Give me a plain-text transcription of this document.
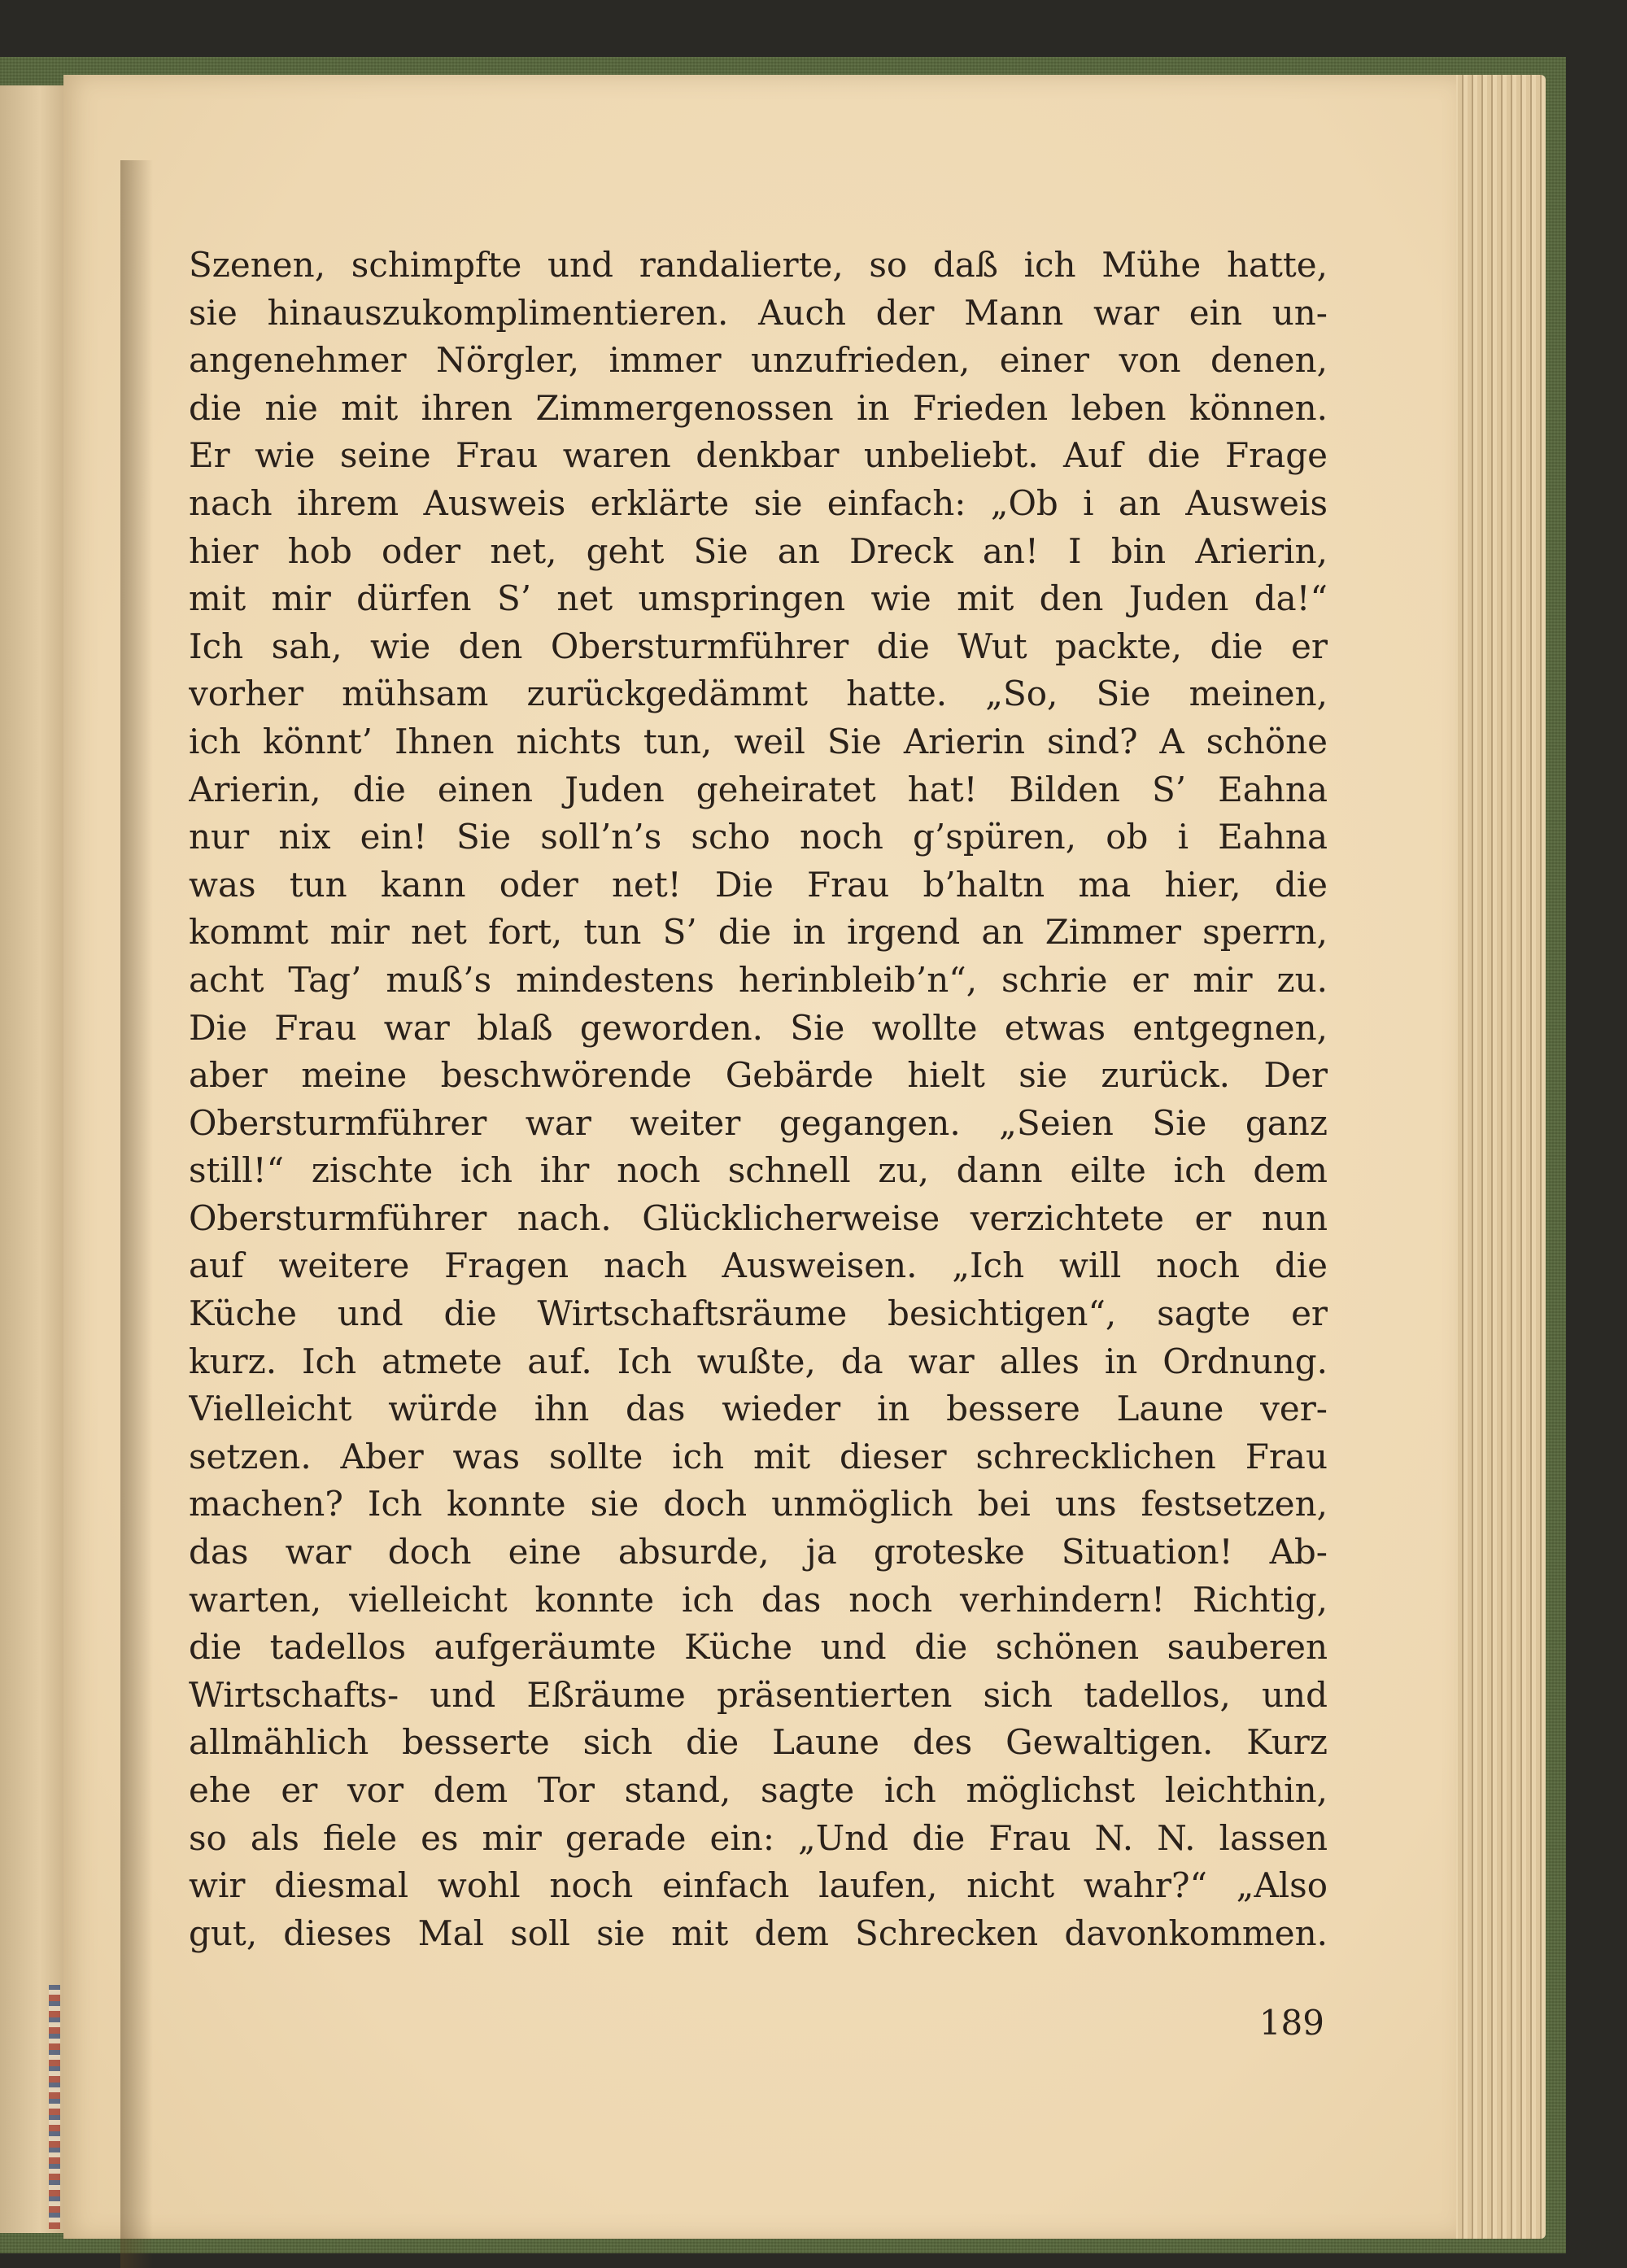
Szenen, schimpfte und randalierte, so daß ich Mühe hatte,
sie hinauszukomplimentieren. Auch der Mann war ein un-
angenehmer Nörgler, immer unzufrieden, einer von denen,
die nie mit ihren Zimmergenossen in Frieden leben können.
Er wie seine Frau waren denkbar unbeliebt. Auf die Frage
nach ihrem Ausweis erklärte sie einfach: „Ob i an Ausweis
hier hob oder net, geht Sie an Dreck an! I bin Arierin,
mit mir dürfen S’ net umspringen wie mit den Juden da!“
Ich sah, wie den Obersturmführer die Wut packte, die er
vorher mühsam zurückgedämmt hatte. „So, Sie meinen,
ich könnt’ Ihnen nichts tun, weil Sie Arierin sind? A schöne
Arierin, die einen Juden geheiratet hat! Bilden S’ Eahna
nur nix ein! Sie soll’n’s scho noch g’spüren, ob i Eahna
was tun kann oder net! Die Frau b’haltn ma hier, die
kommt mir net fort, tun S’ die in irgend an Zimmer sperrn,
acht Tag’ muß’s mindestens herinbleib’n“, schrie er mir zu.
Die Frau war blaß geworden. Sie wollte etwas entgegnen,
aber meine beschwörende Gebärde hielt sie zurück. Der
Obersturmführer war weiter gegangen. „Seien Sie ganz
still!“ zischte ich ihr noch schnell zu, dann eilte ich dem
Obersturmführer nach. Glücklicherweise verzichtete er nun
auf weitere Fragen nach Ausweisen. „Ich will noch die
Küche und die Wirtschaftsräume besichtigen“, sagte er
kurz. Ich atmete auf. Ich wußte, da war alles in Ordnung.
Vielleicht würde ihn das wieder in bessere Laune ver-
setzen. Aber was sollte ich mit dieser schrecklichen Frau
machen? Ich konnte sie doch unmöglich bei uns festsetzen,
das war doch eine absurde, ja groteske Situation! Ab-
warten, vielleicht konnte ich das noch verhindern! Richtig,
die tadellos aufgeräumte Küche und die schönen sauberen
Wirtschafts- und Eßräume präsentierten sich tadellos, und
allmählich besserte sich die Laune des Gewaltigen. Kurz
ehe er vor dem Tor stand, sagte ich möglichst leichthin,
so als fiele es mir gerade ein: „Und die Frau N. N. lassen
wir diesmal wohl noch einfach laufen, nicht wahr?“ „Also
gut, dieses Mal soll sie mit dem Schrecken davonkommen.
189
